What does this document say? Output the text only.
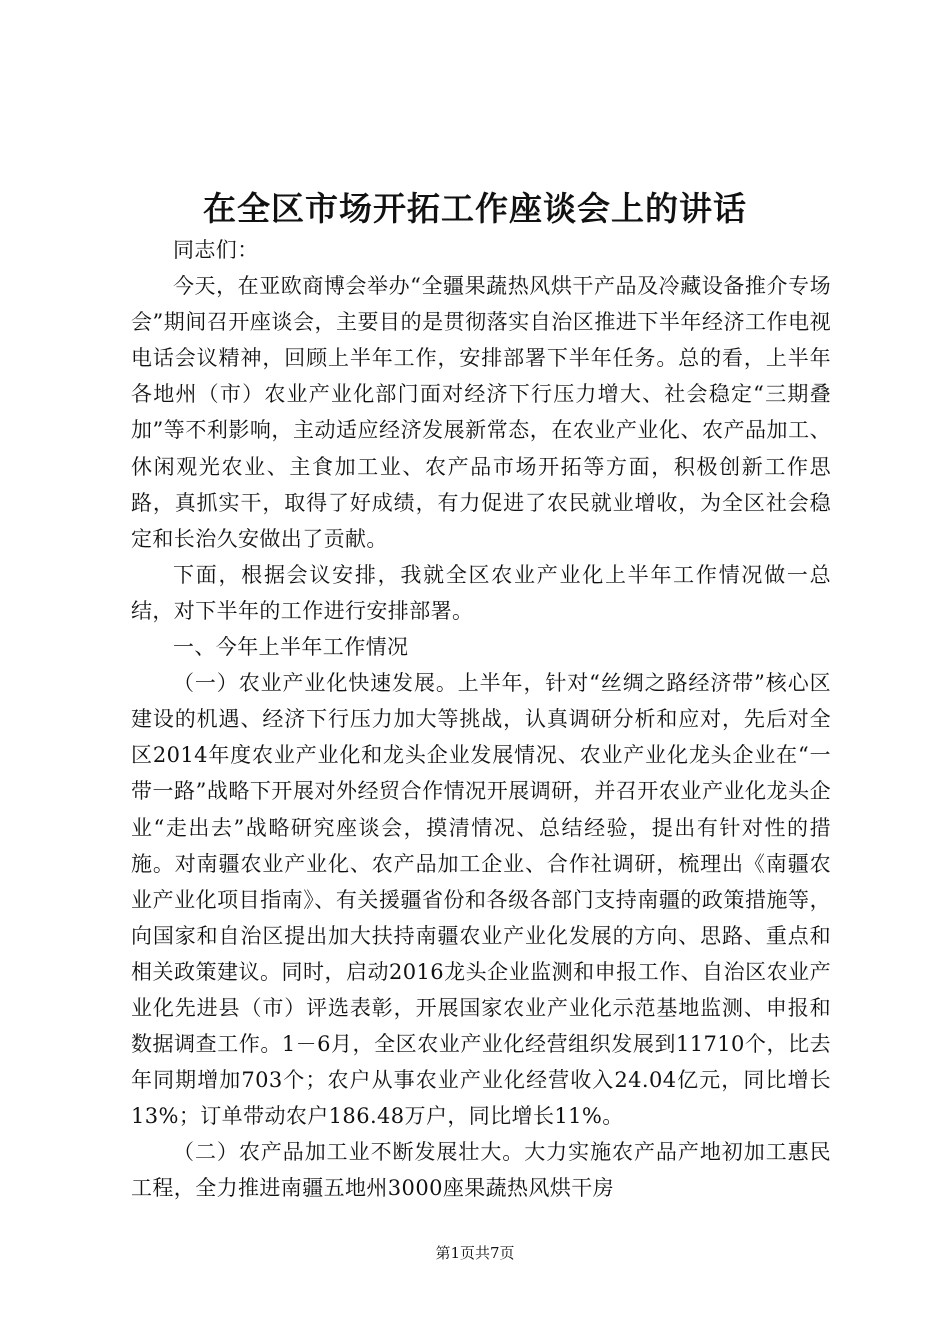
在全区市场开拓工作座谈会上的讲话

同志们：

今天，在亚欧商博会举办“全疆果蔬热风烘干产品及冷藏设备推介专场会”期间召开座谈会，主要目的是贯彻落实自治区推进下半年经济工作电视电话会议精神，回顾上半年工作，安排部署下半年任务。总的看，上半年各地州（市）农业产业化部门面对经济下行压力增大、社会稳定“三期叠加”等不利影响，主动适应经济发展新常态，在农业产业化、农产品加工、休闲观光农业、主食加工业、农产品市场开拓等方面，积极创新工作思路，真抓实干，取得了好成绩，有力促进了农民就业增收，为全区社会稳定和长治久安做出了贡献。

下面，根据会议安排，我就全区农业产业化上半年工作情况做一总结，对下半年的工作进行安排部署。

一、今年上半年工作情况

（一）农业产业化快速发展。上半年，针对“丝绸之路经济带”核心区建设的机遇、经济下行压力加大等挑战，认真调研分析和应对，先后对全区2014年度农业产业化和龙头企业发展情况、农业产业化龙头企业在“一带一路”战略下开展对外经贸合作情况开展调研，并召开农业产业化龙头企业“走出去”战略研究座谈会，摸清情况、总结经验，提出有针对性的措施。对南疆农业产业化、农产品加工企业、合作社调研，梳理出《南疆农业产业化项目指南》、有关援疆省份和各级各部门支持南疆的政策措施等，向国家和自治区提出加大扶持南疆农业产业化发展的方向、思路、重点和相关政策建议。同时，启动2016龙头企业监测和申报工作、自治区农业产业化先进县（市）评选表彰，开展国家农业产业化示范基地监测、申报和数据调查工作。1－6月，全区农业产业化经营组织发展到11710个，比去年同期增加703个；农户从事农业产业化经营收入24.04亿元，同比增长13%；订单带动农户186.48万户，同比增长11%。

（二）农产品加工业不断发展壮大。大力实施农产品产地初加工惠民工程，全力推进南疆五地州3000座果蔬热风烘干房

第1页共7页
